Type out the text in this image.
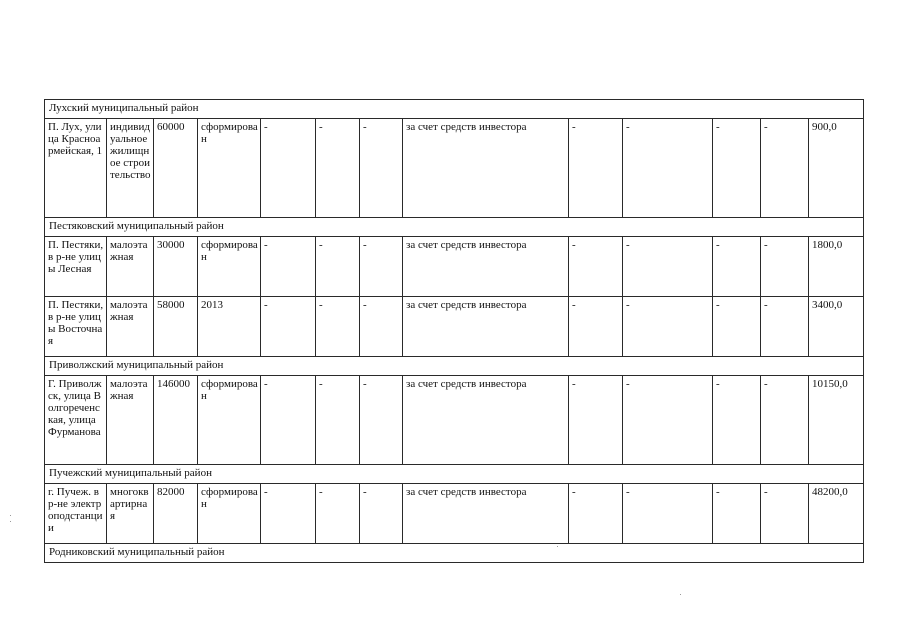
Лухский муниципальный район												
П. Лух, улица Красноармейская, 1	индивидуальное жилищное строительство	60000	сформирован	-	-	-	за счет средств инвестора	-	-	-	-	900,0
Пестяковский муниципальный район												
П. Пестяки, в р-не улицы Лесная	малоэтажная	30000	сформирован	-	-	-	за счет средств инвестора	-	-	-	-	1800,0
П. Пестяки, в р-не улицы Восточная	малоэтажная	58000	2013	-	-	-	за счет средств инвестора	-	-	-	-	3400,0
Приволжский муниципальный район												
Г. Приволжск, улица Волгореченская, улица Фурманова	малоэтажная	146000	сформирован	-	-	-	за счет средств инвестора	-	-	-	-	10150,0
Пучежский муниципальный район												
г. Пучеж. в р-не электроподстанции	многоквартирная	82000	сформирован	-	-	-	за счет средств инвестора	-	-	-	-	48200,0
Родниковский муниципальный район												
